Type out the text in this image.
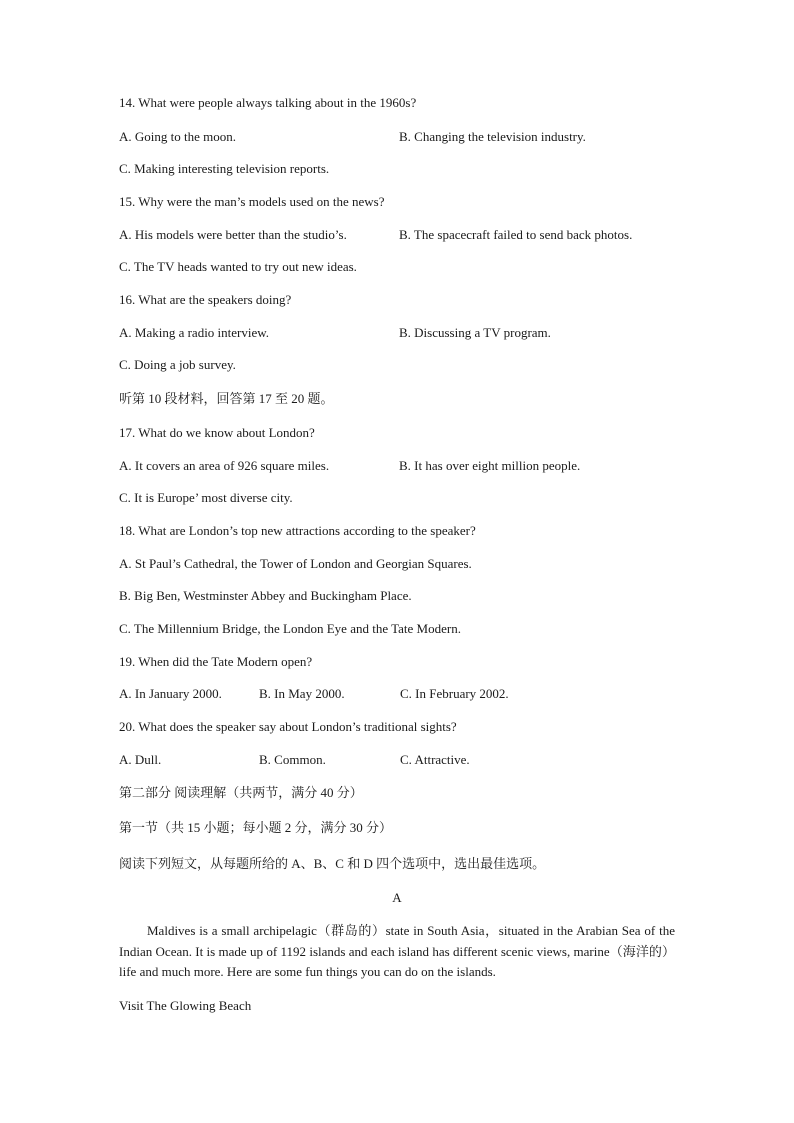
14. What were people always talking about in the 1960s?
A. Going to the moon.	B. Changing the television industry.
C. Making interesting television reports.
15. Why were the man’s models used on the news?
A. His models were better than the studio’s.	B. The spacecraft failed to send back photos.
C. The TV heads wanted to try out new ideas.
16. What are the speakers doing?
A. Making a radio interview.	B. Discussing a TV program.
C. Doing a job survey.
听第 10 段材料，回答第 17 至 20 题。
17. What do we know about London?
A. It covers an area of 926 square miles.	B. It has over eight million people.
C. It is Europe’ most diverse city.
18. What are London’s top new attractions according to the speaker?
A. St Paul’s Cathedral, the Tower of London and Georgian Squares.
B. Big Ben, Westminster Abbey and Buckingham Place.
C. The Millennium Bridge, the London Eye and the Tate Modern.
19. When did the Tate Modern open?
A. In January 2000.	B. In May 2000.	C. In February 2002.
20. What does the speaker say about London’s traditional sights?
A. Dull.	B. Common.	C. Attractive.
第二部分 阅读理解（共两节，满分 40 分）
第一节（共 15 小题；每小题 2 分，满分 30 分）
阅读下列短文，从每题所给的 A、B、C 和 D 四个选项中，选出最佳选项。
A

Maldives is a small archipelagic（群岛的）state in South Asia，situated in the Arabian Sea of the Indian Ocean. It is made up of 1192 islands and each island has different scenic views, marine（海洋的）life and much more. Here are some fun things you can do on the islands.

Visit The Glowing Beach
